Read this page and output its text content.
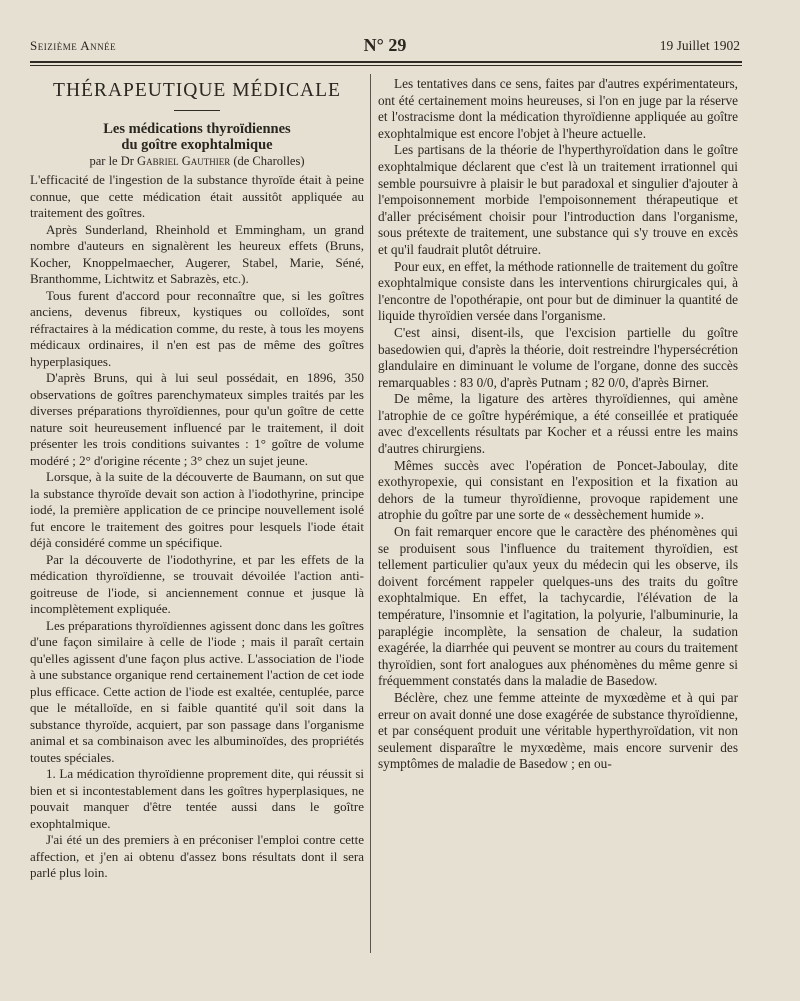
Seizième Année	N° 29	19 Juillet 1902
THÉRAPEUTIQUE MÉDICALE
Les médications thyroïdiennes
du goître exophtalmique
par le Dr Gabriel Gauthier (de Charolles)

L'efficacité de l'ingestion de la substance thyroïde était à peine connue, que cette médication était aussitôt appliquée au traitement des goîtres.

Après Sunderland, Rheinhold et Emmingham, un grand nombre d'auteurs en signalèrent les heureux effets (Bruns, Kocher, Knoppelmaecher, Augerer, Stabel, Marie, Séné, Branthomme, Lichtwitz et Sabrazès, etc.).

Tous furent d'accord pour reconnaître que, si les goîtres anciens, devenus fibreux, kystiques ou colloïdes, sont réfractaires à la médication comme, du reste, à tous les moyens médicaux ordinaires, il n'en est pas de même des goîtres hyperplasiques.

D'après Bruns, qui à lui seul possédait, en 1896, 350 observations de goîtres parenchymateux simples traités par les diverses préparations thyroïdiennes, pour qu'un goître de cette nature soit heureusement influencé par le traitement, il doit présenter les trois conditions suivantes : 1° goître de volume modéré ; 2° d'origine récente ; 3° chez un sujet jeune.

Lorsque, à la suite de la découverte de Baumann, on sut que la substance thyroïde devait son action à l'iodothyrine, principe iodé, la première application de ce principe nouvellement isolé fut encore le traitement des goitres pour lesquels l'iode était déjà considéré comme un spécifique.

Par la découverte de l'iodothyrine, et par les effets de la médication thyroïdienne, se trouvait dévoilée l'action anti-goitreuse de l'iode, si anciennement connue et jusque là incomplètement expliquée.

Les préparations thyroïdiennes agissent donc dans les goîtres d'une façon similaire à celle de l'iode ; mais il paraît certain qu'elles agissent d'une façon plus active. L'association de l'iode à une substance organique rend certainement l'action de cet iode plus efficace. Cette action de l'iode est exaltée, centuplée, parce que le métalloïde, en si faible quantité qu'il soit dans la substance thyroïde, acquiert, par son passage dans l'organisme animal et sa combinaison avec les albuminoïdes, des propriétés toutes spéciales.

1. La médication thyroïdienne proprement dite, qui réussit si bien et si incontestablement dans les goîtres hyperplasiques, ne pouvait manquer d'être tentée aussi dans le goître exophtalmique.

J'ai été un des premiers à en préconiser l'emploi contre cette affection, et j'en ai obtenu d'assez bons résultats dont il sera parlé plus loin.

Les tentatives dans ce sens, faites par d'autres expérimentateurs, ont été certainement moins heureuses, si l'on en juge par la réserve et l'ostracisme dont la médication thyroïdienne appliquée au goître exophtalmique est encore l'objet à l'heure actuelle.

Les partisans de la théorie de l'hyperthyroïdation dans le goître exophtalmique déclarent que c'est là un traitement irrationnel qui semble poursuivre à plaisir le but paradoxal et singulier d'ajouter à l'empoisonnement morbide l'empoisonnement thérapeutique et d'aller précisément choisir pour l'introduction dans l'organisme, sous prétexte de traitement, une substance qui s'y trouve en excès et qu'il faudrait plutôt détruire.

Pour eux, en effet, la méthode rationnelle de traitement du goître exophtalmique consiste dans les interventions chirurgicales qui, à l'encontre de l'opothérapie, ont pour but de diminuer la quantité de liquide thyroïdien versée dans l'organisme.

C'est ainsi, disent-ils, que l'excision partielle du goître basedowien qui, d'après la théorie, doit restreindre l'hypersécrétion glandulaire en diminuant le volume de l'organe, donne des succès remarquables : 83 0/0, d'après Putnam ; 82 0/0, d'après Birner.

De même, la ligature des artères thyroïdiennes, qui amène l'atrophie de ce goître hypérémique, a été conseillée et pratiquée avec d'excellents résultats par Kocher et a réussi entre les mains d'autres chirurgiens.

Mêmes succès avec l'opération de Poncet-Jaboulay, dite exothyropexie, qui consistant en l'exposition et la fixation au dehors de la tumeur thyroïdienne, provoque rapidement une atrophie du goître par une sorte de « dessèchement humide ».

On fait remarquer encore que le caractère des phénomènes qui se produisent sous l'influence du traitement thyroïdien, est tellement particulier qu'aux yeux du médecin qui les observe, ils doivent forcément rappeler quelques-uns des traits du goître exophtalmique. En effet, la tachycardie, l'élévation de la température, l'insomnie et l'agitation, la polyurie, l'albuminurie, la paraplégie incomplète, la sensation de chaleur, la sudation exagérée, la diarrhée qui peuvent se montrer au cours du traitement thyroïdien, sont fort analogues aux phénomènes du même genre si fréquemment constatés dans la maladie de Basedow.

Béclère, chez une femme atteinte de myxœdème et à qui par erreur on avait donné une dose exagérée de substance thyroïdienne, et par conséquent produit une véritable hyperthyroïdation, vit non seulement disparaître le myxœdème, mais encore survenir des symptômes de maladie de Basedow ; en ou-
